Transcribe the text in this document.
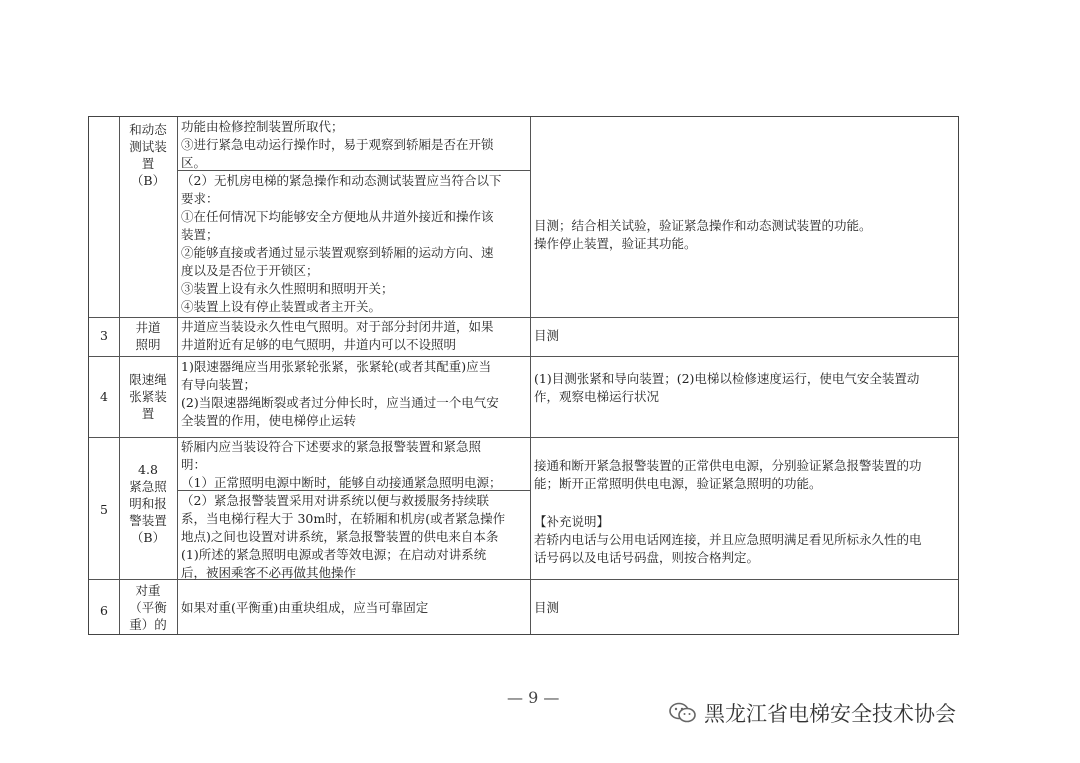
和动态
测试装
置
（B）
功能由检修控制装置所取代；
③进行紧急电动运行操作时，易于观察到轿厢是否在开锁
区。
（2）无机房电梯的紧急操作和动态测试装置应当符合以下
要求：
①在任何情况下均能够安全方便地从井道外接近和操作该
装置；
②能够直接或者通过显示装置观察到轿厢的运动方向、速
度以及是否位于开锁区；
③装置上设有永久性照明和照明开关；
④装置上设有停止装置或者主开关。
目测；结合相关试验，验证紧急操作和动态测试装置的功能。
操作停止装置，验证其功能。
3
井道
照明
井道应当装设永久性电气照明。对于部分封闭井道，如果
井道附近有足够的电气照明，井道内可以不设照明
目测
4
限速绳
张紧装
置
1)限速器绳应当用张紧轮张紧，张紧轮(或者其配重)应当
有导向装置；
(2)当限速器绳断裂或者过分伸长时，应当通过一个电气安
全装置的作用，使电梯停止运转
(1)目测张紧和导向装置；(2)电梯以检修速度运行，使电气安全装置动
作，观察电梯运行状况
5
4.8
紧急照
明和报
警装置
（B）
轿厢内应当装设符合下述要求的紧急报警装置和紧急照
明：
（1）正常照明电源中断时，能够自动接通紧急照明电源；
（2）紧急报警装置采用对讲系统以便与救援服务持续联
系，当电梯行程大于 30m时，在轿厢和机房(或者紧急操作
地点)之间也设置对讲系统，紧急报警装置的供电来自本条
(1)所述的紧急照明电源或者等效电源；在启动对讲系统
后，被困乘客不必再做其他操作
接通和断开紧急报警装置的正常供电电源，分别验证紧急报警装置的功
能；断开正常照明供电电源，验证紧急照明的功能。
【补充说明】
若轿内电话与公用电话网连接，并且应急照明满足看见所标永久性的电
话号码以及电话号码盘，则按合格判定。
6
对重
（平衡
重）的
如果对重(平衡重)由重块组成，应当可靠固定	目测
— 9 —
黑龙江省电梯安全技术协会
